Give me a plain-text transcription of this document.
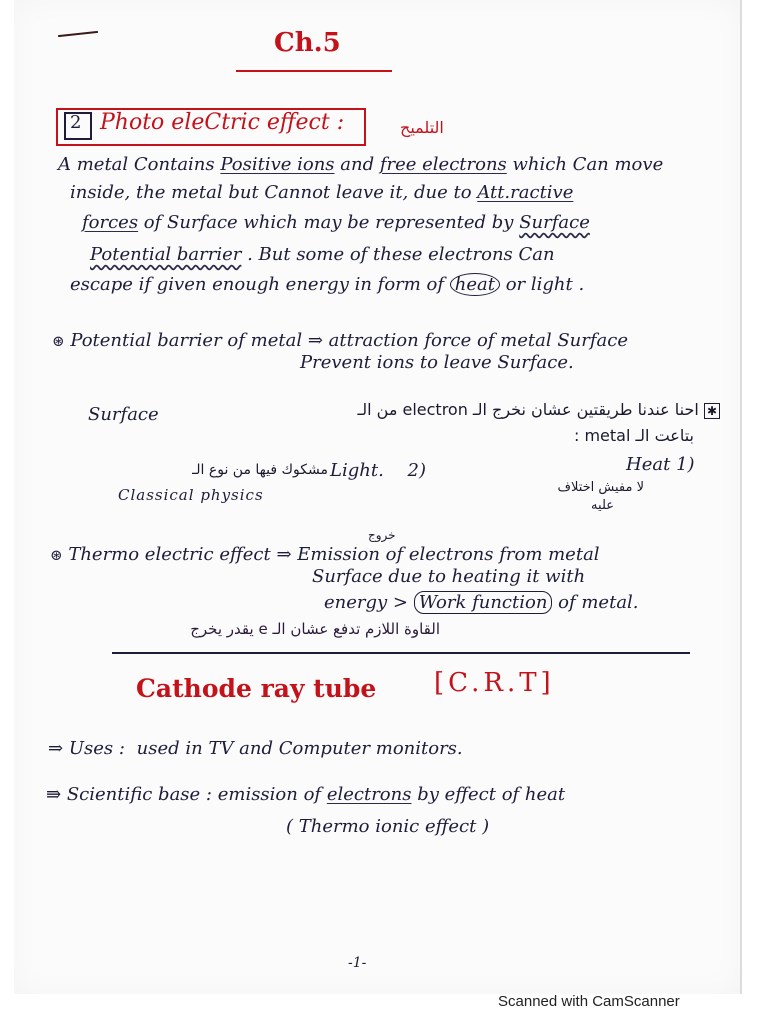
Ch.5
2 Photo eleCtric effect :	التلميح
A metal Contains Positive ions and free electrons which Can move
inside, the metal but Cannot leave it, due to Att.ractive
forces of Surface which may be represented by Surface
Potential barrier . But some of these electrons Can
escape if given enough energy in form of heat or light .
⊛ Potential barrier of metal ⇒ attraction force of metal Surface
Prevent ions to leave Surface.
Surface	✱ احنا عندنا طريقتين عشان نخرج الـ electron من الـ
بتاعت الـ metal :
Heat 1)
لا مفيش اختلاف
عليه
Light. 2)
مشكوك فيها من نوع الـ
Classical physics
خروج
⊛ Thermo electric effect ⇒ Emission of electrons from metal
Surface due to heating it with
energy > Work function of metal.
القاوة اللازم تدفع عشان الـ e يقدر يخرج
Cathode ray tube [C.R.T]
⇒ Uses : used in TV and Computer monitors.
⇛ Scientific base : emission of electrons by effect of heat
( Thermo ionic effect )
-1-
Scanned with CamScanner
